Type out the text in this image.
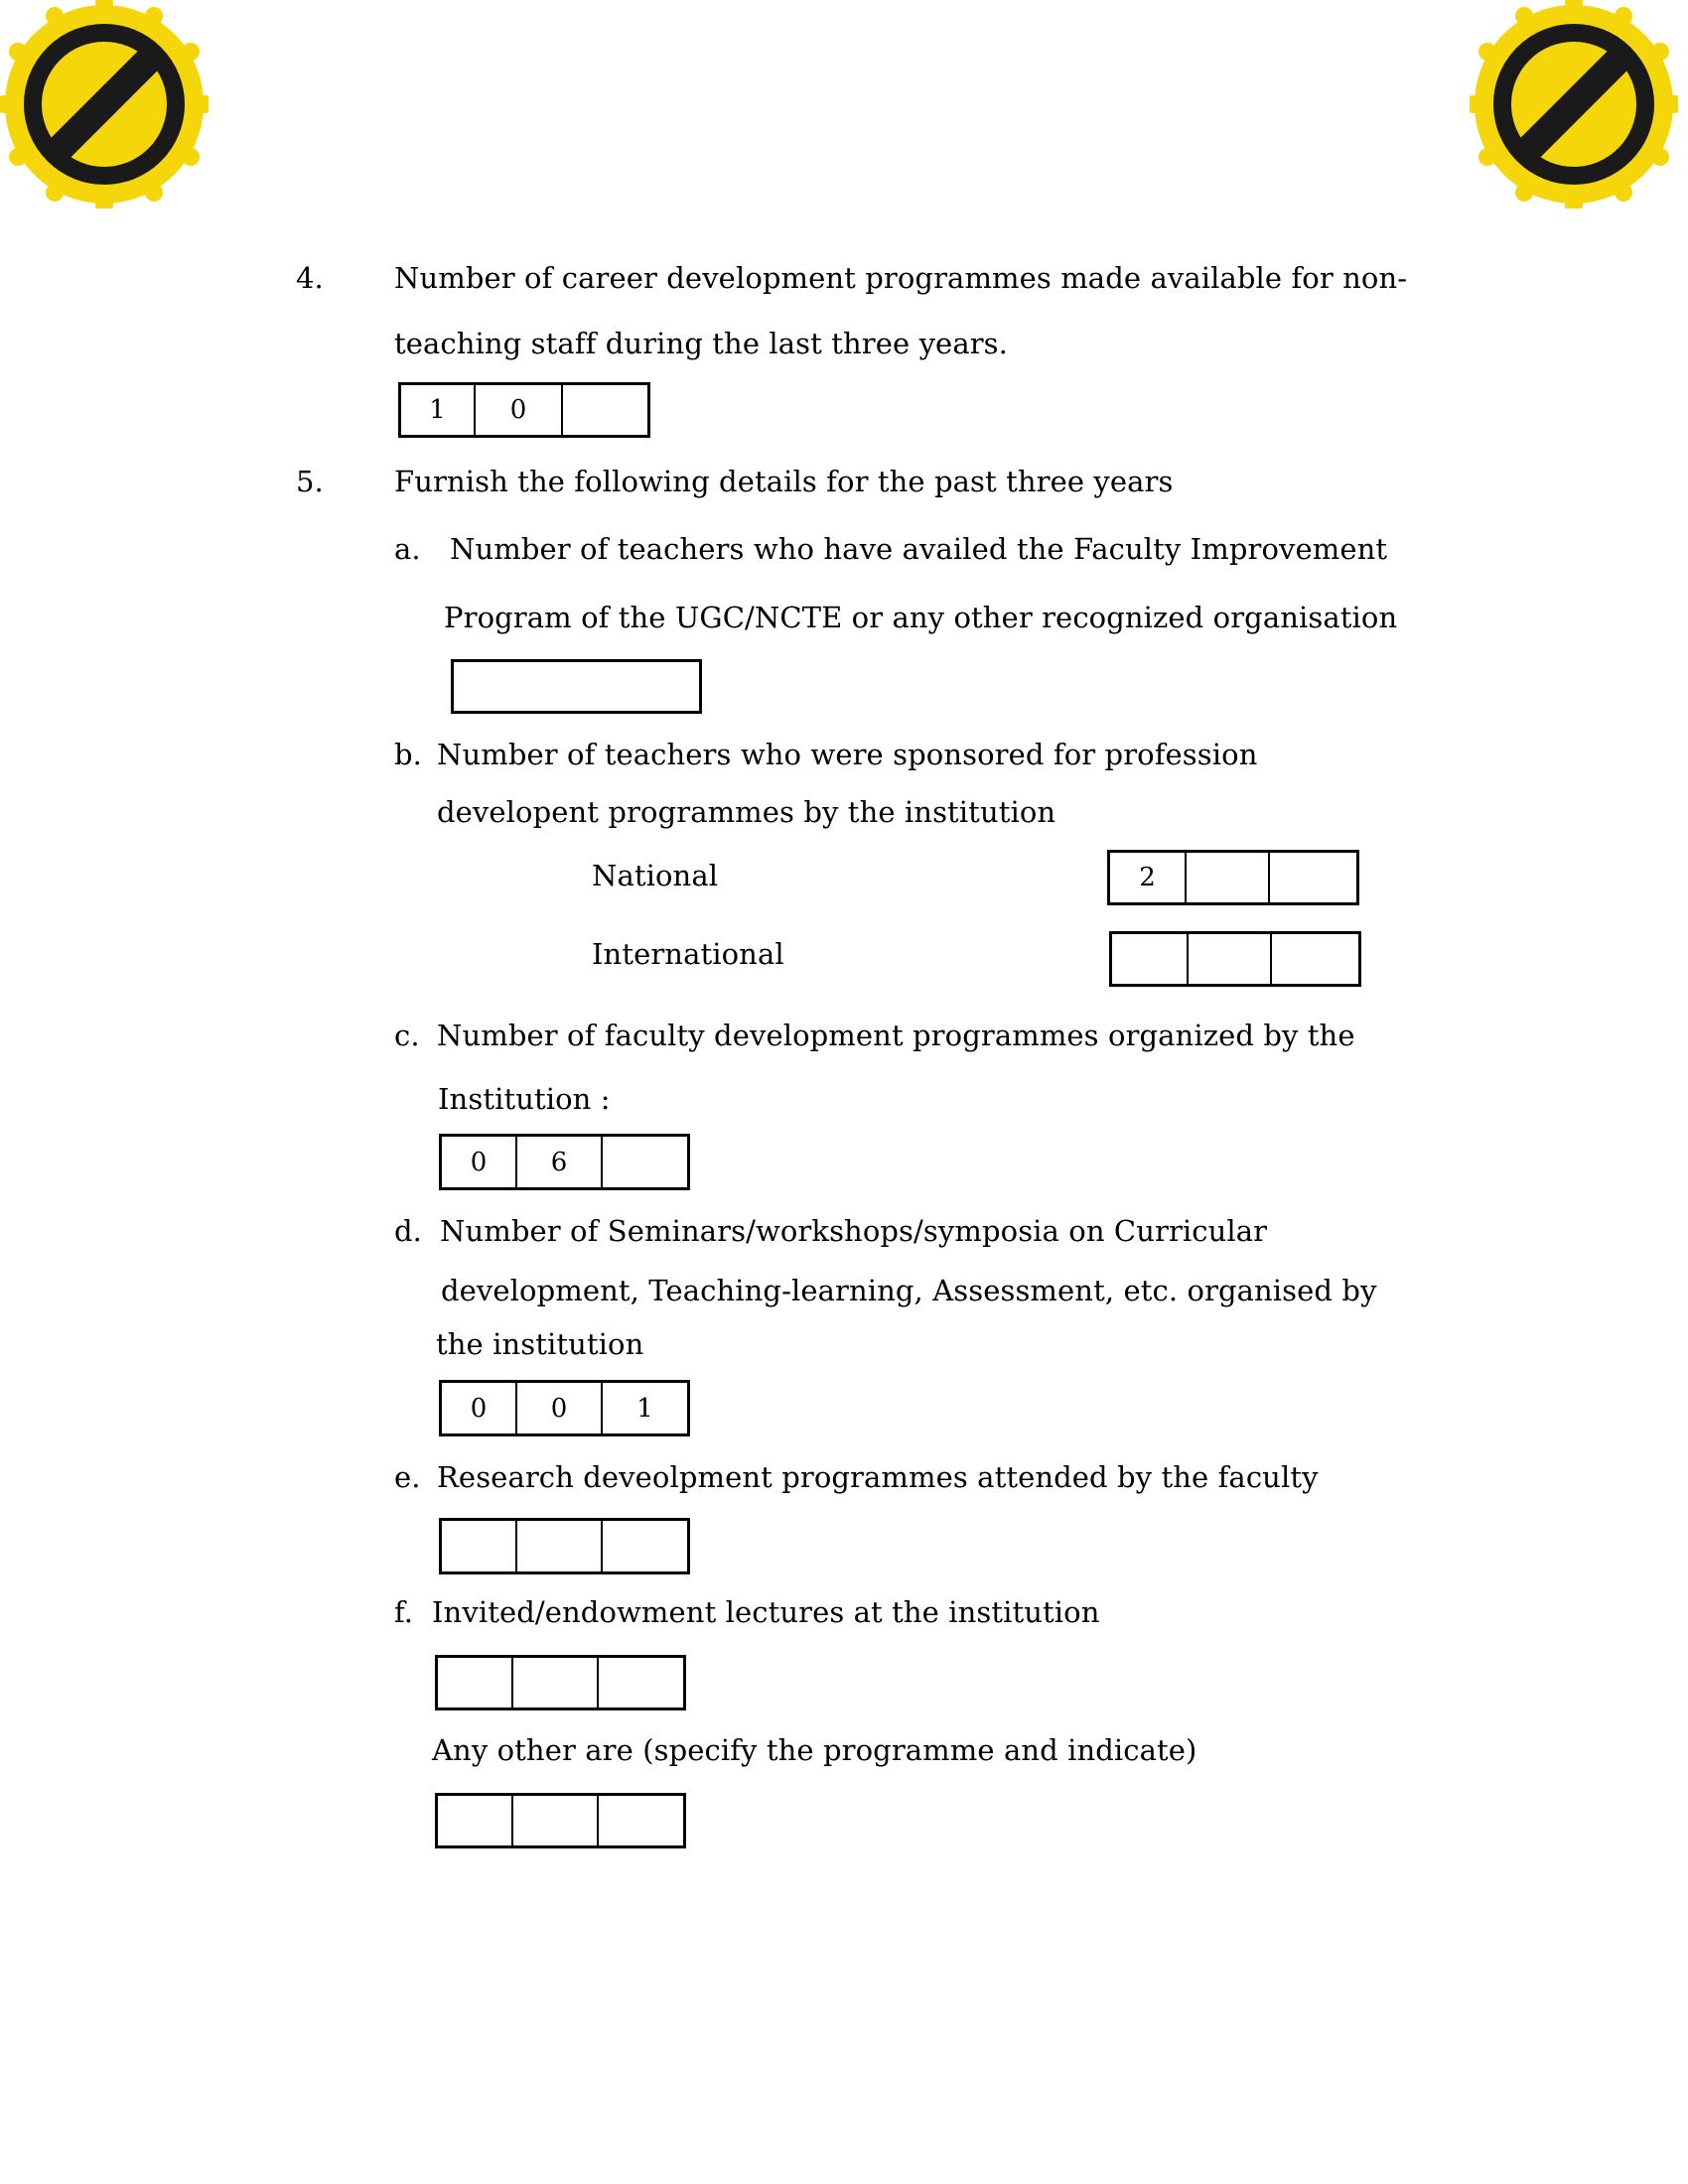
4. Number of career development programmes made available for non-
teaching staff during the last three years.
1	0
5. Furnish the following details for the past three years
a. Number of teachers who have availed the Faculty Improvement
Program of the UGC/NCTE or any other recognized organisation
b. Number of teachers who were sponsored for profession
developent programmes by the institution
National	2
International
c. Number of faculty development programmes organized by the
Institution :
0	6
d. Number of Seminars/workshops/symposia on Curricular
development, Teaching-learning, Assessment, etc. organised by
the institution
0	0	1
e. Research deveolpment programmes attended by the faculty
f. Invited/endowment lectures at the institution
Any other are (specify the programme and indicate)
